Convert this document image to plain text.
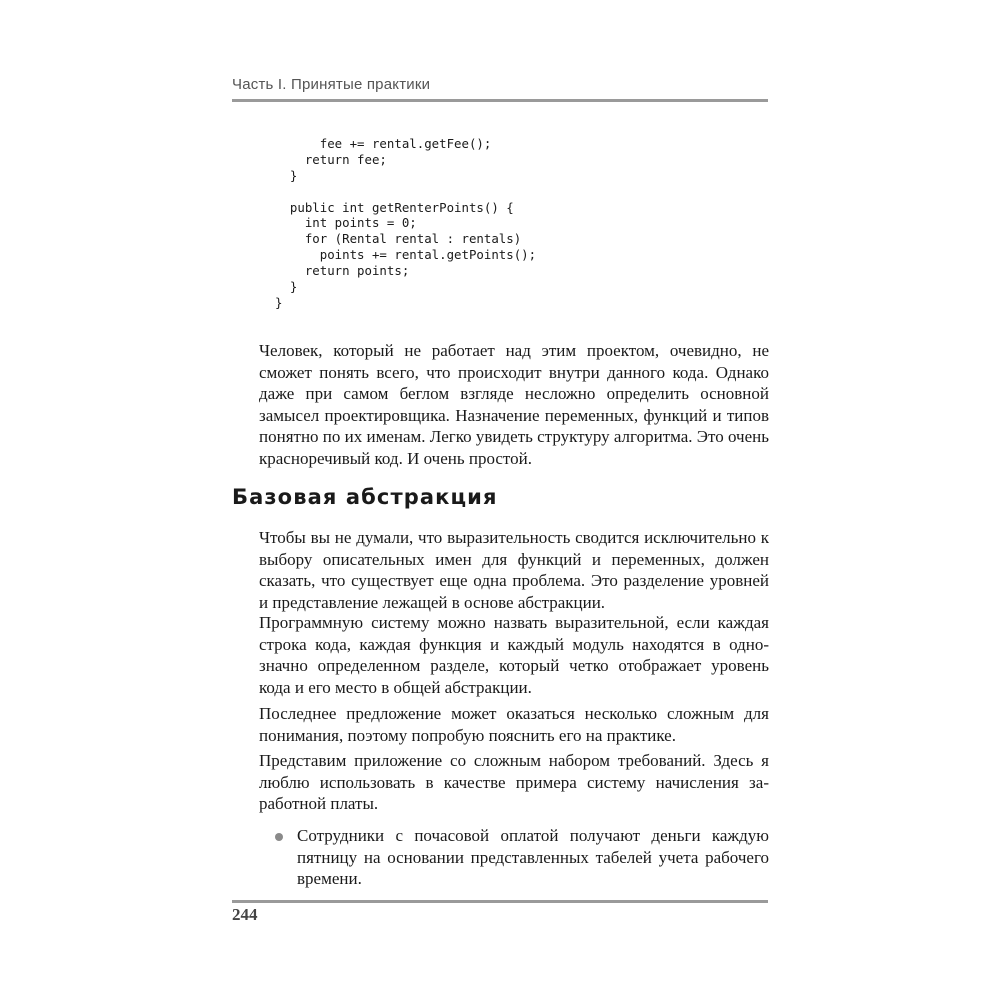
Часть I. Принятые практики
fee += rental.getFee();
return fee;
}
public int getRenterPoints() {
int points = 0;
for (Rental rental : rentals)
points += rental.getPoints();
return points;
}
}

Человек, который не работает над этим проектом, очевидно, не сможет понять всего, что происходит внутри данного кода. Однако даже при самом беглом взгляде несложно определить основной замысел проектировщика. Назначение переменных, функций и типов понятно по их именам. Легко увидеть структуру алгоритма. Это очень красноречивый код. И очень простой.

Базовая абстракция

Чтобы вы не думали, что выразительность сводится исключительно к выбору описательных имен для функций и переменных, должен сказать, что существует еще одна проблема. Это разделение уровней и представление лежащей в основе абстракции.

Программную систему можно назвать выразительной, если каждая строка кода, каждая функция и каждый модуль находятся в однозначно определенном разделе, который четко отображает уровень кода и его место в общей абстракции.

Последнее предложение может оказаться несколько сложным для понимания, поэтому попробую пояснить его на практике.

Представим приложение со сложным набором требований. Здесь я люблю использовать в качестве примера систему начисления заработной платы.

Сотрудники с почасовой оплатой получают деньги каждую пятницу на основании представленных табелей учета рабочего времени.

244
